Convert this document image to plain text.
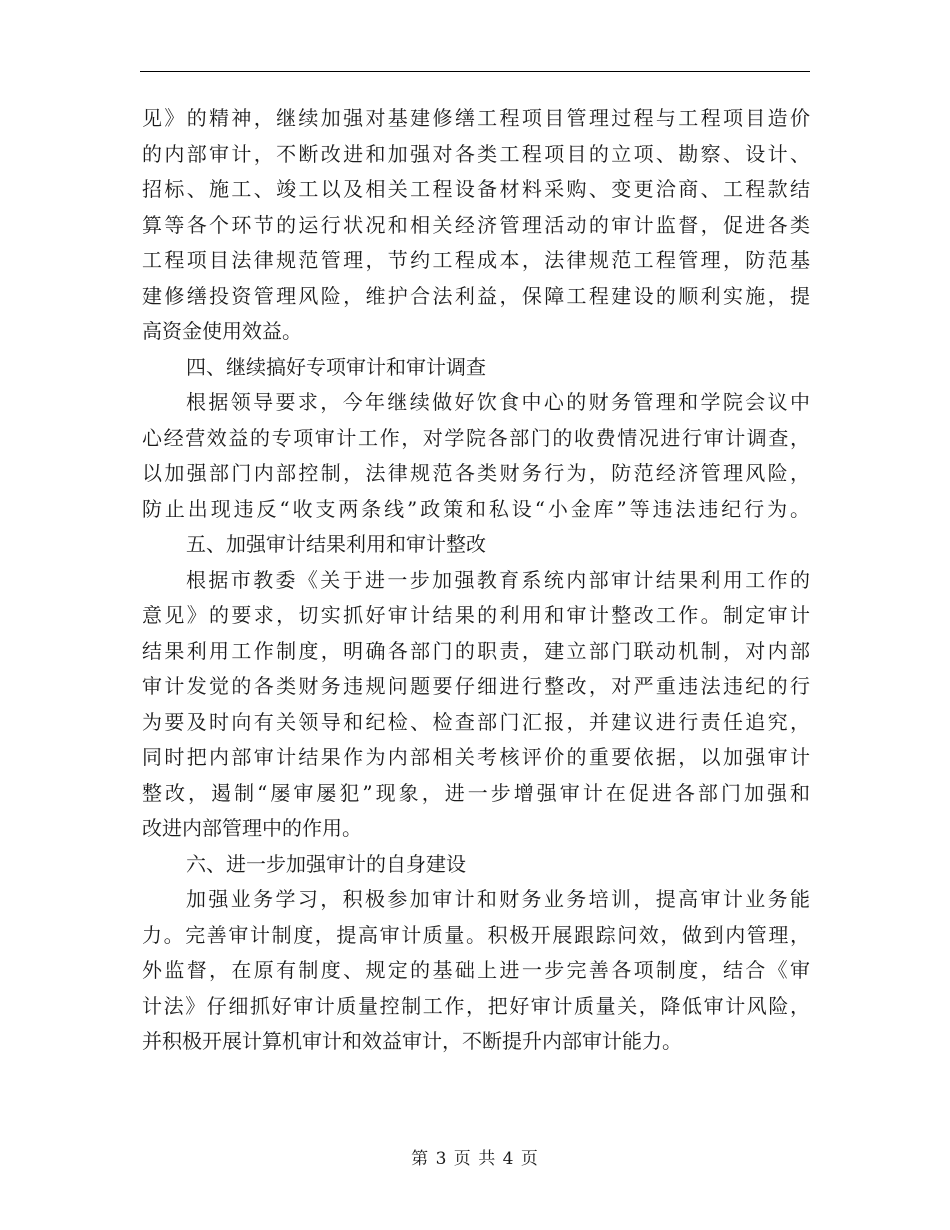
见》的精神，继续加强对基建修缮工程项目管理过程与工程项目造价
的内部审计，不断改进和加强对各类工程项目的立项、勘察、设计、
招标、施工、竣工以及相关工程设备材料采购、变更洽商、工程款结
算等各个环节的运行状况和相关经济管理活动的审计监督，促进各类
工程项目法律规范管理，节约工程成本，法律规范工程管理，防范基
建修缮投资管理风险，维护合法利益，保障工程建设的顺利实施，提
高资金使用效益。
四、继续搞好专项审计和审计调查
根据领导要求，今年继续做好饮食中心的财务管理和学院会议中
心经营效益的专项审计工作，对学院各部门的收费情况进行审计调查，
以加强部门内部控制，法律规范各类财务行为，防范经济管理风险，
防止出现违反“收支两条线”政策和私设“小金库”等违法违纪行为。
五、加强审计结果利用和审计整改
根据市教委《关于进一步加强教育系统内部审计结果利用工作的
意见》的要求，切实抓好审计结果的利用和审计整改工作。制定审计
结果利用工作制度，明确各部门的职责，建立部门联动机制，对内部
审计发觉的各类财务违规问题要仔细进行整改，对严重违法违纪的行
为要及时向有关领导和纪检、检查部门汇报，并建议进行责任追究，
同时把内部审计结果作为内部相关考核评价的重要依据，以加强审计
整改，遏制“屡审屡犯”现象，进一步增强审计在促进各部门加强和
改进内部管理中的作用。
六、进一步加强审计的自身建设
加强业务学习，积极参加审计和财务业务培训，提高审计业务能
力。完善审计制度，提高审计质量。积极开展跟踪问效，做到内管理，
外监督，在原有制度、规定的基础上进一步完善各项制度，结合《审
计法》仔细抓好审计质量控制工作，把好审计质量关，降低审计风险，
并积极开展计算机审计和效益审计，不断提升内部审计能力。
第 3 页 共 4 页
